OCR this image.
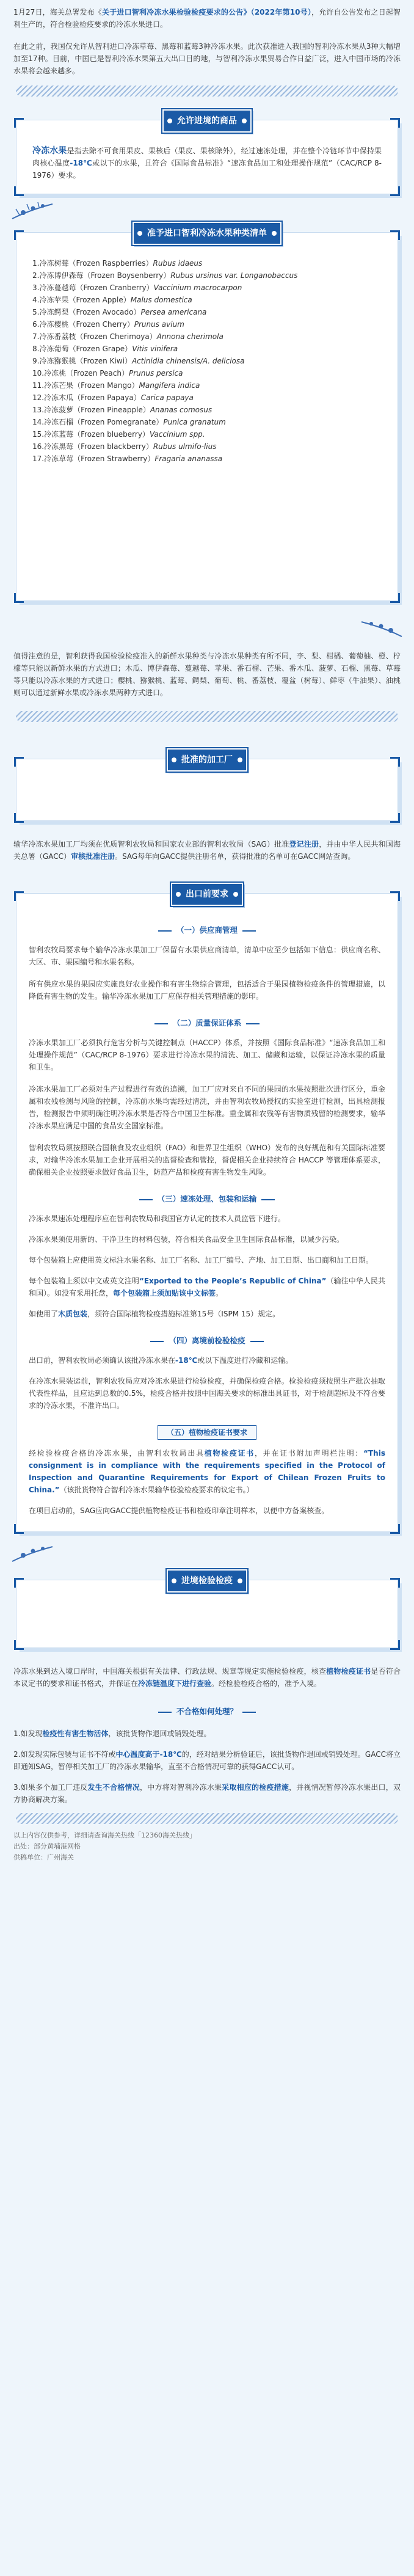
1月27日，海关总署发布《关于进口智利冷冻水果检验检疫要求的公告》（2022年第10号），允许自公告发布之日起智利生产的，符合检验检疫要求的冷冻水果进口。

在此之前，我国仅允许从智利进口冷冻草莓、黑莓和蓝莓3种冷冻水果。此次获准进入我国的智利冷冻水果从3种大幅增加至17种。目前，中国已是智利冷冻水果第五大出口目的地，与智利冷冻水果贸易合作日益广泛，进入中国市场的冷冻水果将会越来越多。

允许进境的商品

冷冻水果是指去除不可食用果皮、果核后（果皮、果核除外），经过速冻处理，并在整个冷链环节中保持果肉核心温度-18℃或以下的水果，且符合《国际食品标准》“速冻食品加工和处理操作规范”（CAC/RCP 8-1976）要求。

准予进口智利冷冻水果种类清单
1.冷冻树莓（Frozen Raspberries）Rubus idaeus
2.冷冻博伊森莓（Frozen Boysenberry）Rubus ursinus var. Longanobaccus
3.冷冻蔓越莓（Frozen Cranberry）Vaccinium macrocarpon
4.冷冻苹果（Frozen Apple）Malus domestica
5.冷冻鳄梨（Frozen Avocado）Persea americana
6.冷冻樱桃（Frozen Cherry）Prunus avium
7.冷冻番荔枝（Frozen Cherimoya）Annona cherimola
8.冷冻葡萄（Frozen Grape）Vitis vinifera
9.冷冻猕猴桃（Frozen Kiwi）Actinidia chinensis/A. deliciosa
10.冷冻桃（Frozen Peach）Prunus persica
11.冷冻芒果（Frozen Mango）Mangifera indica
12.冷冻木瓜（Frozen Papaya）Carica papaya
13.冷冻菠萝（Frozen Pineapple）Ananas comosus
14.冷冻石榴（Frozen Pomegranate）Punica granatum
15.冷冻蓝莓（Frozen blueberry）Vaccinium spp.
16.冷冻黑莓（Frozen blackberry）Rubus ulmifo-lius
17.冷冻草莓（Frozen Strawberry）Fragaria ananassa

值得注意的是，智利获得我国检验检疫准入的新鲜水果种类与冷冻水果种类有所不同，李、梨、柑橘、葡萄柚、橙、柠檬等只能以新鲜水果的方式进口；木瓜、博伊森莓、蔓越莓、苹果、番石榴、芒果、番木瓜、菠萝、石榴、黑莓、草莓等只能以冷冻水果的方式进口；樱桃、猕猴桃、蓝莓、鳄梨、葡萄、桃、番荔枝、覆盆（树莓）、鲜枣（牛油果）、油桃则可以通过新鲜水果或冷冻水果两种方式进口。

批准的加工厂

输华冷冻水果加工厂均须在优质智利农牧局和国家农业部的智利农牧局（SAG）批准登记注册，并由中华人民共和国海关总署（GACC）审核批准注册。SAG每年向GACC提供注册名单，获得批准的名单可在GACC网站查询。

出口前要求
（一）供应商管理

智利农牧局要求每个输华冷冻水果加工厂保留有水果供应商清单，清单中应至少包括如下信息：供应商名称、大区、市、果园编号和水果名称。

所有供应水果的果园应实施良好农业操作和有害生物综合管理，包括适合于果园植物检疫条件的管理措施，以降低有害生物的发生。输华冷冻水果加工厂应保存相关管理措施的影印。

（二）质量保证体系

冷冻水果加工厂必须执行危害分析与关键控制点（HACCP）体系，并按照《国际食品标准》“速冻食品加工和处理操作规范”（CAC/RCP 8-1976）要求进行冷冻水果的清洗、加工、储藏和运输，以保证冷冻水果的质量和卫生。

冷冻水果加工厂必须对生产过程进行有效的追溯，加工厂应对来自不同的果园的水果按照批次进行区分，重金属和农残检测与风险的控制，冷冻前水果均需经过清洗，并由智利农牧局授权的实验室进行检测，出具检测报告，检测报告中须明确注明冷冻水果是否符合中国卫生标准。重金属和农残等有害物质残留的检测要求，输华冷冻水果应满足中国的食品安全国家标准。

智利农牧局须按照联合国粮食及农业组织（FAO）和世界卫生组织（WHO）发布的良好规范和有关国际标准要求，对输华冷冻水果加工企业开展相关的监督检查和管控，督促相关企业持续符合 HACCP 等管理体系要求，确保相关企业按照要求做好食品卫生，防范产品和检疫有害生物发生风险。

（三）速冻处理、包装和运输

冷冻水果速冻处理程序应在智利农牧局和我国官方认定的技术人员监管下进行。

冷冻水果须使用新的、干净卫生的材料包装，符合相关食品安全卫生国际食品标准，以减少污染。

每个包装箱上应使用英文标注水果名称、加工厂名称、加工厂编号、产地、加工日期、出口商和加工日期。

每个包装箱上须以中文或英文注明“Exported to the People’s Republic of China”（输往中华人民共和国）。如没有采用托盘，每个包装箱上须加贴该中文标签。

如使用了木质包装，须符合国际植物检疫措施标准第15号（ISPM 15）规定。

（四）离境前检验检疫

出口前，智利农牧局必须确认该批冷冻水果在-18℃或以下温度进行冷藏和运输。

在冷冻水果装运前，智利农牧局应对冷冻水果进行检验检疫，并确保检疫合格。检验检疫须按照生产批次抽取代表性样品，且应达到总数的0.5%，检疫合格并按照中国海关要求的标准出具证书，对于检测超标及不符合要求的冷冻水果，不准许出口。

（五）植物检疫证书要求

经检验检疫合格的冷冻水果，由智利农牧局出具植物检疫证书，并在证书附加声明栏注明：“This consignment is in compliance with the requirements specified in the Protocol of Inspection and Quarantine Requirements for Export of Chilean Frozen Fruits to China.”（该批货物符合智利冷冻水果输华检验检疫要求的议定书。）

在项目启动前，SAG应向GACC提供植物检疫证书和检疫印章注明样本，以便中方备案核查。

进境检验检疫

冷冻水果到达入境口岸时，中国海关根据有关法律、行政法规、规章等规定实施检验检疫，核查植物检疫证书是否符合本议定书的要求和证书格式，并保证在冷冻链温度下进行查验。经检验检疫合格的，准予入境。

不合格如何处理？

1.如发现检疫性有害生物活体，该批货物作退回或销毁处理。

2.如发现实际包装与证书不符或中心温度高于-18℃的，经对结果分析验证后，该批货物作退回或销毁处理。GACC将立即通知SAG，暂停相关加工厂的冷冻水果输华，直至不合格情况可靠的获得GACC认可。

3.如果多个加工厂违反发生不合格情况，中方将对智利冷冻水果采取相应的检疫措施，并视情况暂停冷冻水果出口，双方协商解决方案。

以上内容仅供参考，详细请查询海关热线「12360海关热线」

出处：部分黄埔港网格

供稿单位：广州海关
